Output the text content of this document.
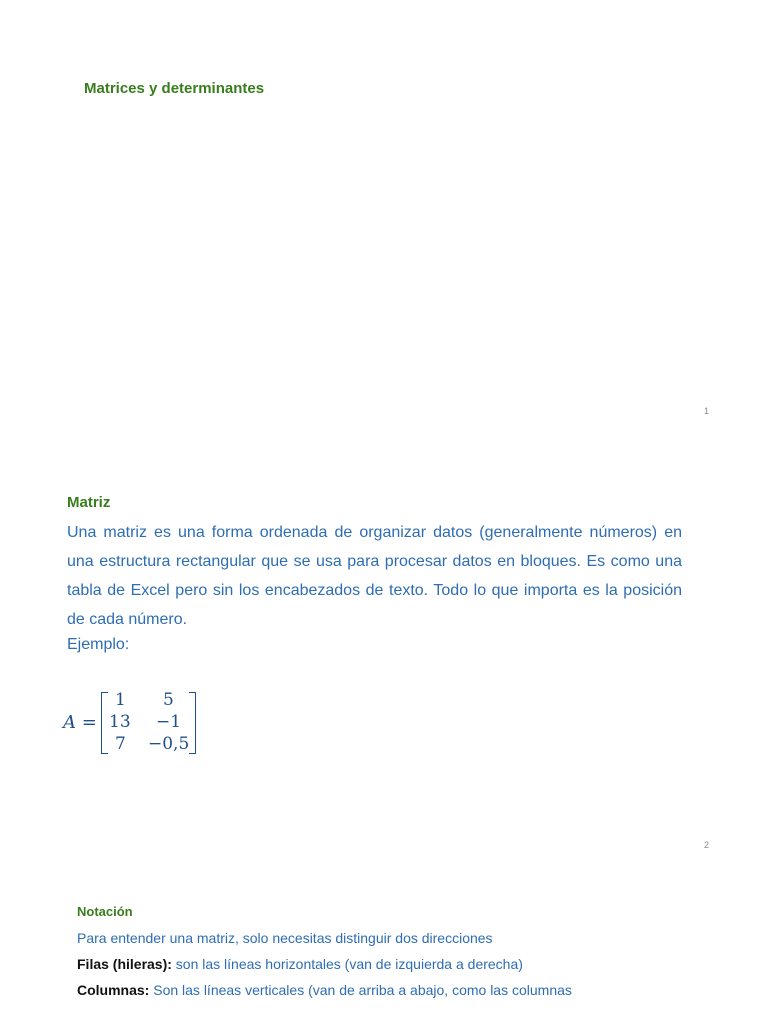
Matrices y determinantes
1
Matriz

Una matriz es una forma ordenada de organizar datos (generalmente números) en
una estructura rectangular que se usa para procesar datos en bloques. Es como una
tabla de Excel pero sin los encabezados de texto. Todo lo que importa es la posición
de cada número.

Ejemplo:

A =
1 5
13 −1
7 −0,5
2
Notación

Para entender una matriz, solo necesitas distinguir dos direcciones

Filas (hileras): son las líneas horizontales (van de izquierda a derecha)

Columnas: Son las líneas verticales (van de arriba a abajo, como las columnas
